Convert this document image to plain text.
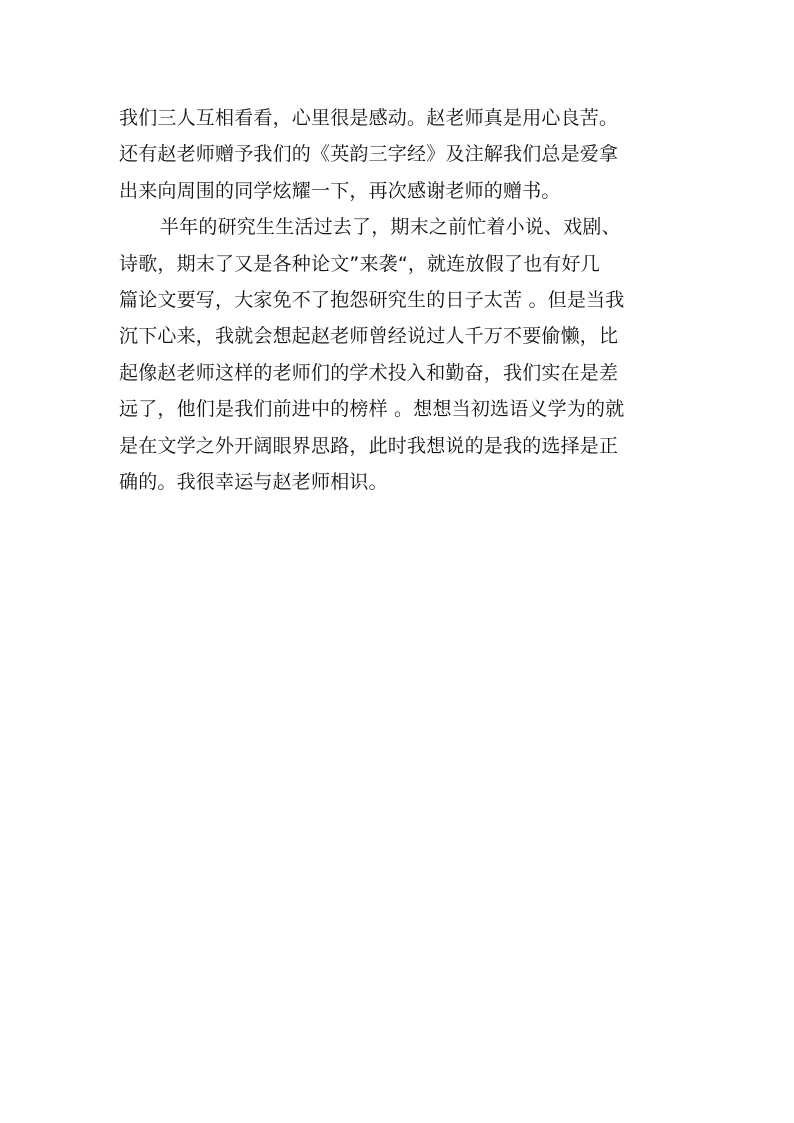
我们三人互相看看，心里很是感动。赵老师真是用心良苦。
还有赵老师赠予我们的《英韵三字经》及注解我们总是爱拿
出来向周围的同学炫耀一下，再次感谢老师的赠书。
半年的研究生生活过去了，期末之前忙着小说、戏剧、
诗歌，期末了又是各种论文”来袭“，就连放假了也有好几
篇论文要写，大家免不了抱怨研究生的日子太苦 。但是当我
沉下心来，我就会想起赵老师曾经说过人千万不要偷懒，比
起像赵老师这样的老师们的学术投入和勤奋，我们实在是差
远了，他们是我们前进中的榜样 。想想当初选语义学为的就
是在文学之外开阔眼界思路，此时我想说的是我的选择是正
确的。我很幸运与赵老师相识。
